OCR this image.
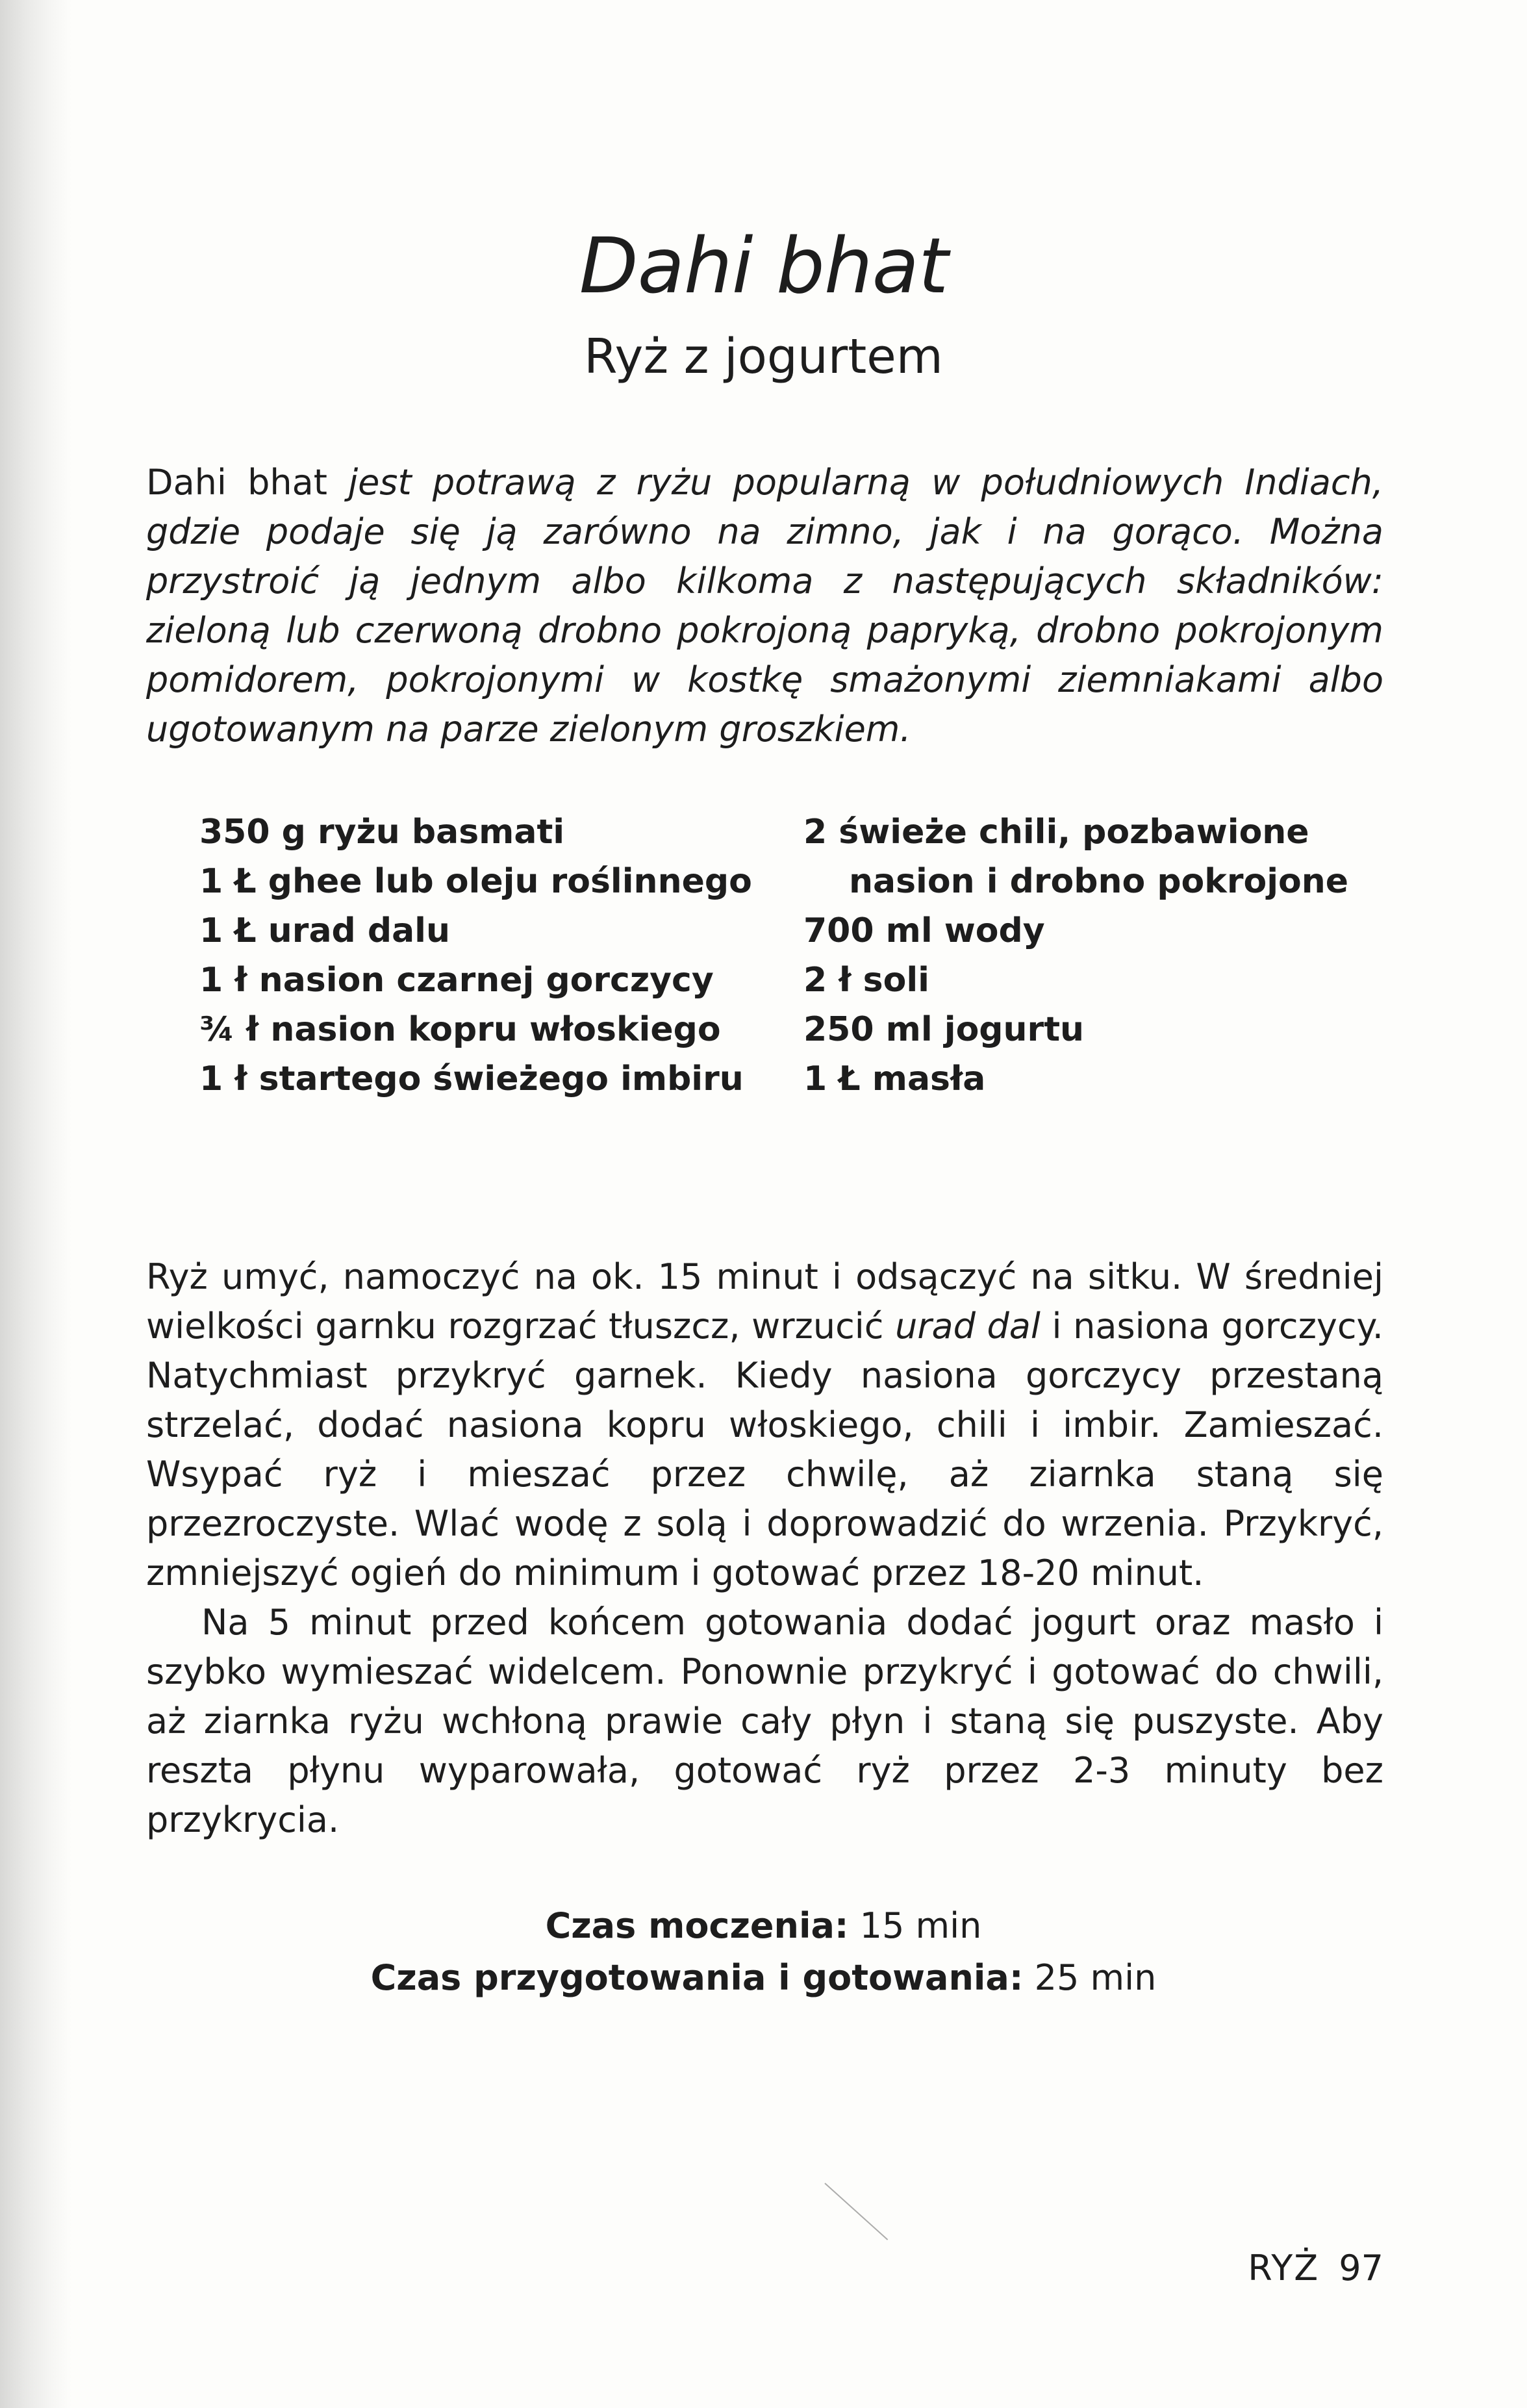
Dahi bhat
Ryż z jogurtem

Dahi bhat jest potrawą z ryżu popularną w południowych Indiach, gdzie podaje się ją zarówno na zimno, jak i na gorąco. Można przystroić ją jednym albo kilkoma z następujących składników: zieloną lub czerwoną drobno pokrojoną papryką, drobno pokrojonym pomidorem, pokrojonymi w kostkę smażonymi ziemniakami albo ugotowanym na parze zielonym groszkiem.

350 g ryżu basmati
1 Ł ghee lub oleju roślinnego
1 Ł urad dalu
1 ł nasion czarnej gorczycy
¾ ł nasion kopru włoskiego
1 ł startego świeżego imbiru
2 świeże chili, pozbawione nasion i drobno pokrojone
700 ml wody
2 ł soli
250 ml jogurtu
1 Ł masła

Ryż umyć, namoczyć na ok. 15 minut i odsączyć na sitku. W średniej wielkości garnku rozgrzać tłuszcz, wrzucić urad dal i nasiona gorczycy. Natychmiast przykryć garnek. Kiedy nasiona gorczycy przestaną strzelać, dodać nasiona kopru włoskiego, chili i imbir. Zamieszać. Wsypać ryż i mieszać przez chwilę, aż ziarnka staną się przezroczyste. Wlać wodę z solą i doprowadzić do wrzenia. Przykryć, zmniejszyć ogień do minimum i gotować przez 18-20 minut.

Na 5 minut przed końcem gotowania dodać jogurt oraz masło i szybko wymieszać widelcem. Ponownie przykryć i gotować do chwili, aż ziarnka ryżu wchłoną prawie cały płyn i staną się puszyste. Aby reszta płynu wyparowała, gotować ryż przez 2-3 minuty bez przykrycia.

Czas moczenia: 15 min
Czas przygotowania i gotowania: 25 min
RYŻ 97
